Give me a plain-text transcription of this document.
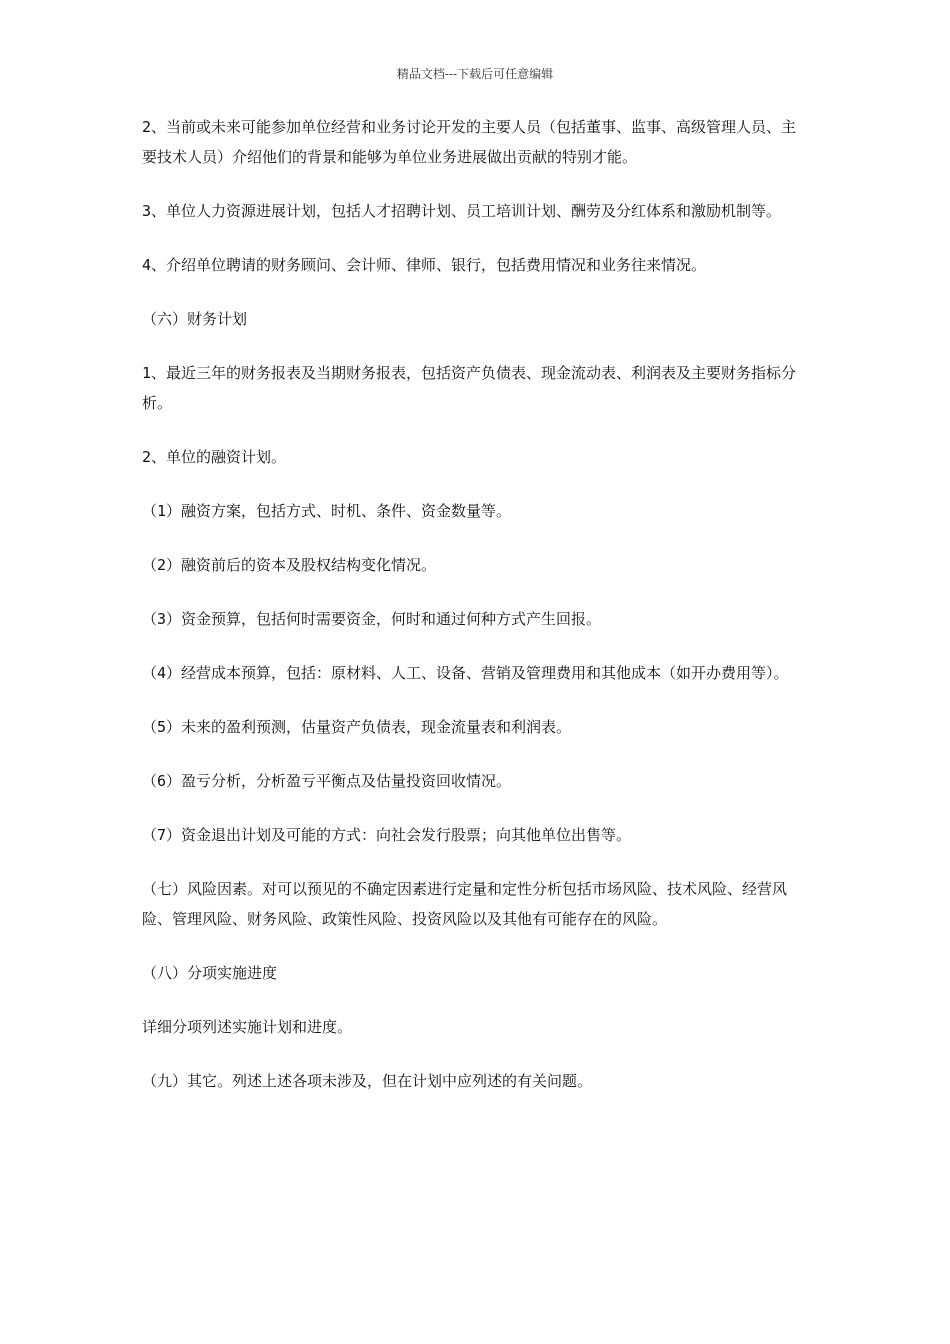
精品文档---下载后可任意编辑

2、当前或未来可能参加单位经营和业务讨论开发的主要人员（包括董事、监事、高级管理人员、主要技术人员）介绍他们的背景和能够为单位业务进展做出贡献的特别才能。

3、单位人力资源进展计划，包括人才招聘计划、员工培训计划、酬劳及分红体系和激励机制等。

4、介绍单位聘请的财务顾问、会计师、律师、银行，包括费用情况和业务往来情况。

（六）财务计划

1、最近三年的财务报表及当期财务报表，包括资产负债表、现金流动表、利润表及主要财务指标分析。

2、单位的融资计划。

（1）融资方案，包括方式、时机、条件、资金数量等。

（2）融资前后的资本及股权结构变化情况。

（3）资金预算，包括何时需要资金，何时和通过何种方式产生回报。

（4）经营成本预算，包括：原材料、人工、设备、营销及管理费用和其他成本（如开办费用等）。

（5）未来的盈利预测，估量资产负债表，现金流量表和利润表。

（6）盈亏分析，分析盈亏平衡点及估量投资回收情况。

（7）资金退出计划及可能的方式：向社会发行股票；向其他单位出售等。

（七）风险因素。对可以预见的不确定因素进行定量和定性分析包括市场风险、技术风险、经营风险、管理风险、财务风险、政策性风险、投资风险以及其他有可能存在的风险。

（八）分项实施进度

详细分项列述实施计划和进度。

（九）其它。列述上述各项未涉及，但在计划中应列述的有关问题。
